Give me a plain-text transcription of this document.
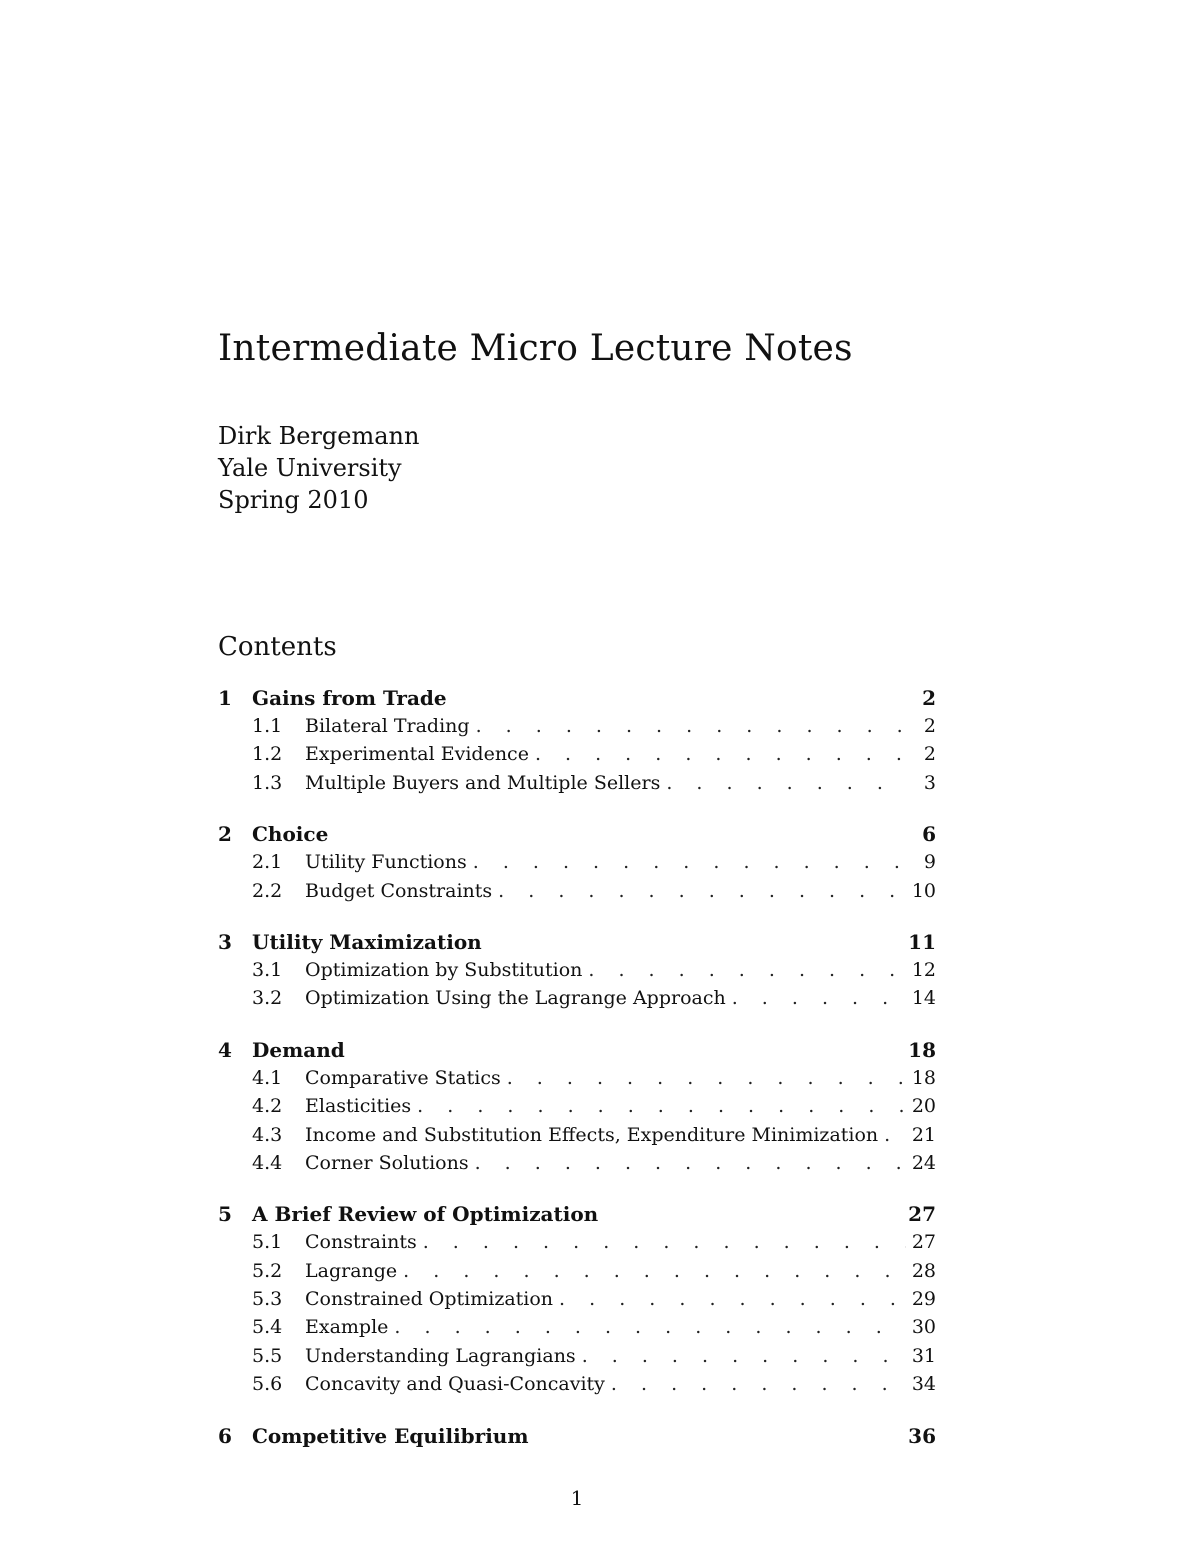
Intermediate Micro Lecture Notes
Dirk Bergemann
Yale University
Spring 2010
Contents
1	Gains from Trade	2
1.1	Bilateral Trading . . .	2
1.2	Experimental Evidence . . .	2
1.3	Multiple Buyers and Multiple Sellers . . .	3
2	Choice	6
2.1	Utility Functions . . .	9
2.2	Budget Constraints . . .	10
3	Utility Maximization	11
3.1	Optimization by Substitution . . .	12
3.2	Optimization Using the Lagrange Approach . . .	14
4	Demand	18
4.1	Comparative Statics . . .	18
4.2	Elasticities . . .	20
4.3	Income and Substitution Effects, Expenditure Minimization . . . 21
4.4	Corner Solutions . . .	24
5	A Brief Review of Optimization	27
5.1	Constraints . . .	27
5.2	Lagrange . . .	28
5.3	Constrained Optimization . . .	29
5.4	Example . . .	30
5.5	Understanding Lagrangians . . .	31
5.6	Concavity and Quasi-Concavity . . .	34
6	Competitive Equilibrium	36
1
